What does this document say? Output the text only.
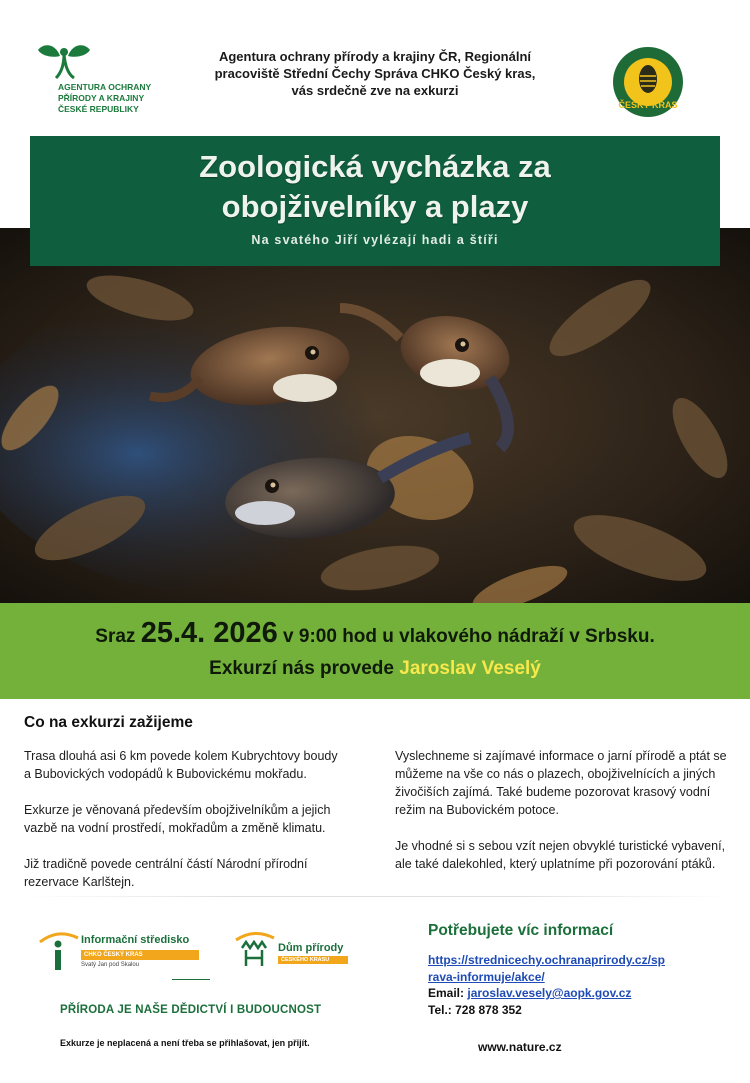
AGENTURA OCHRANY
PŘÍRODY A KRAJINY
ČESKÉ REPUBLIKY
Agentura ochrany přírody a krajiny ČR, Regionální
pracoviště Střední Čechy Správa CHKO Český kras,
vás srdečně zve na exkurzi
ČESKÝ KRAS
Zoologická vycházka za
obojživelníky a plazy
Na svatého Jiří vylézají hadi a štíři
Sraz 25.4. 2026 v 9:00 hod u vlakového nádraží v Srbsku.
Exkurzí nás provede Jaroslav Veselý
Co na exkurzi zažijeme

Trasa dlouhá asi 6 km povede kolem Kubrychtovy boudy a Bubovických vodopádů k Bubovickému mokřadu.

Exkurze je věnovaná především obojživelníkům a jejich vazbě na vodní prostředí, mokřadům a změně klimatu.

Již tradičně povede centrální částí Národní přírodní rezervace Karlštejn.

Vyslechneme si zajímavé informace o jarní přírodě a ptát se můžeme na vše co nás o plazech, obojživelnících a jiných živočiších zajímá. Také budeme pozorovat krasový vodní režim na Bubovickém potoce.

Je vhodné si s sebou vzít nejen obvyklé turistické vybavení, ale také dalekohled, který uplatníme při pozorování ptáků.

Informační středisko
CHKO ČESKÝ KRAS
Svatý Jan pod Skalou
Dům přírody
ČESKÉHO KRASU
PŘÍRODA JE NAŠE DĚDICTVÍ I BUDOUCNOST
Exkurze je neplacená a není třeba se přihlašovat, jen přijít.
Potřebujete víc informací
https://strednicechy.ochranaprirody.cz/sprava-informuje/akce/
Email: jaroslav.vesely@aopk.gov.cz
Tel.: 728 878 352
www.nature.cz
